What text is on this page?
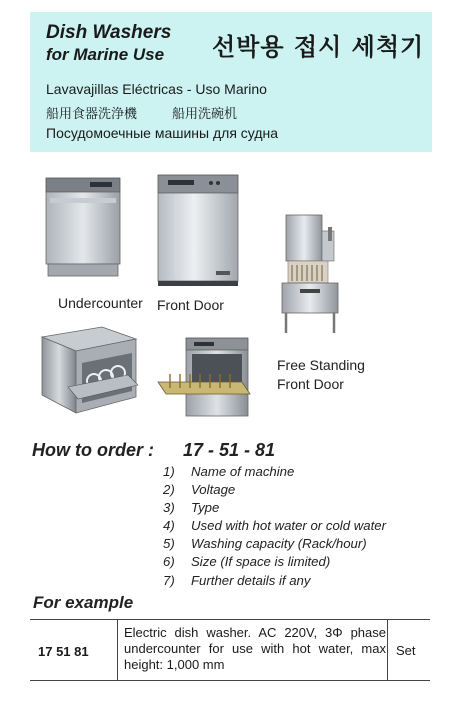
Dish Washers
for Marine Use 선박용 접시 세척기
Lavavajillas Eléctricas - Uso Marino
船用食器洗浄機	船用洗碗机
Посудомоечные машины для судна
Undercounter Front Door
Free Standing
Front Door
How to order : 17 - 51 - 81
1) Name of machine
2) Voltage
3) Type
4) Used with hot water or cold water
5) Washing capacity (Rack/hour)
6) Size (If space is limited)
7) Further details if any
For example
17 51 81
Electric dish washer. AC 220V, 3Φ phase undercounter for use with hot water, max height: 1,000 mm
Set
